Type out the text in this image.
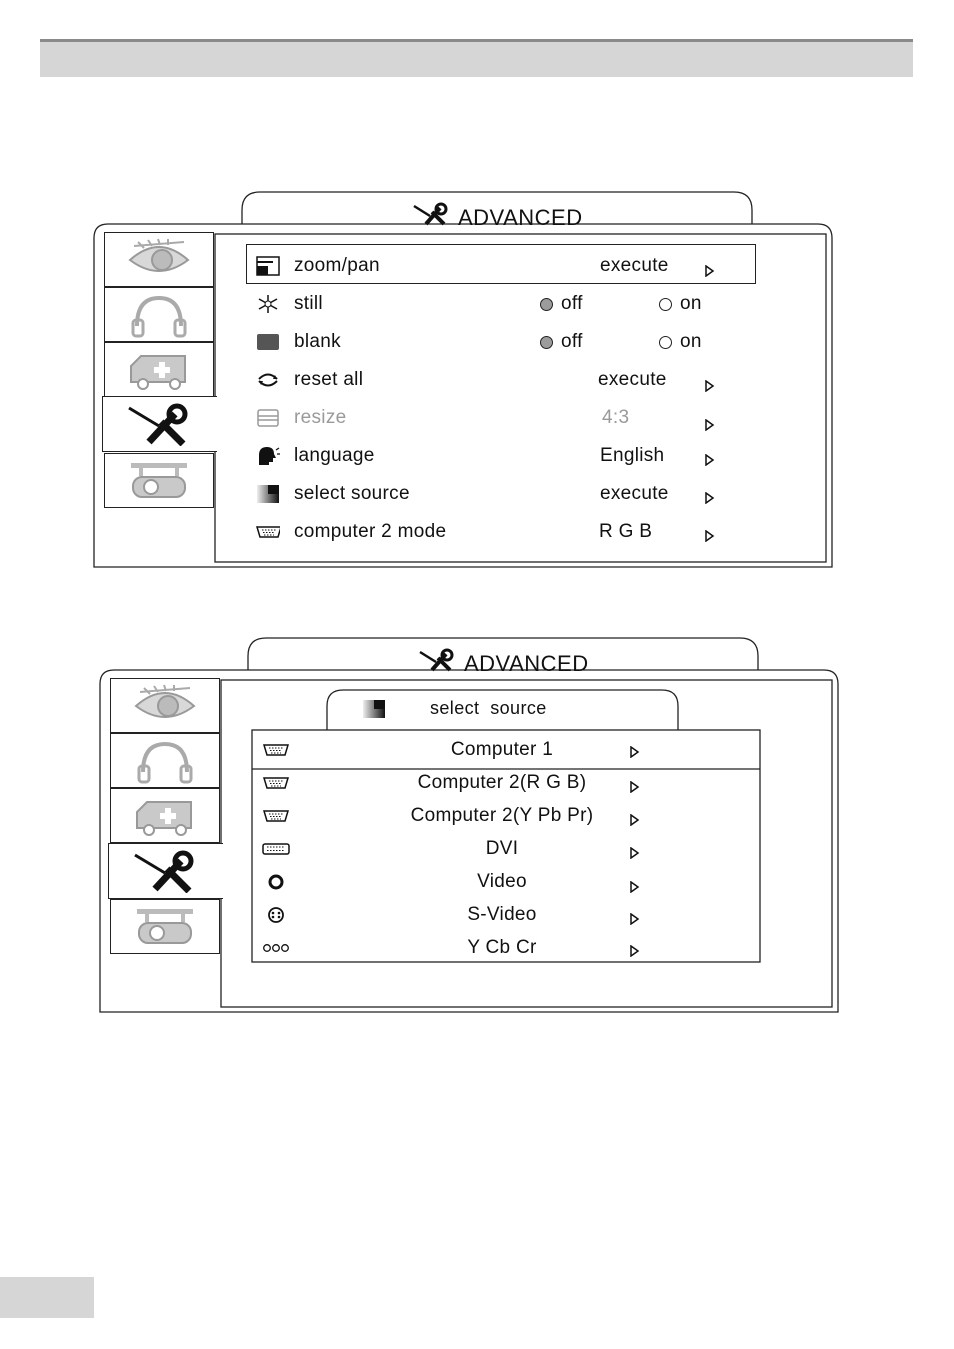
ADVANCED
zoom/pan	execute
still	off	on
blank	off	on
reset all	execute
resize	4:3
language	English
select source	execute
computer 2 mode	R G B
ADVANCED
select  source
Computer 1
Computer 2(R G B)
Computer 2(Y Pb Pr)
DVI
Video
S-Video
Y Cb Cr
